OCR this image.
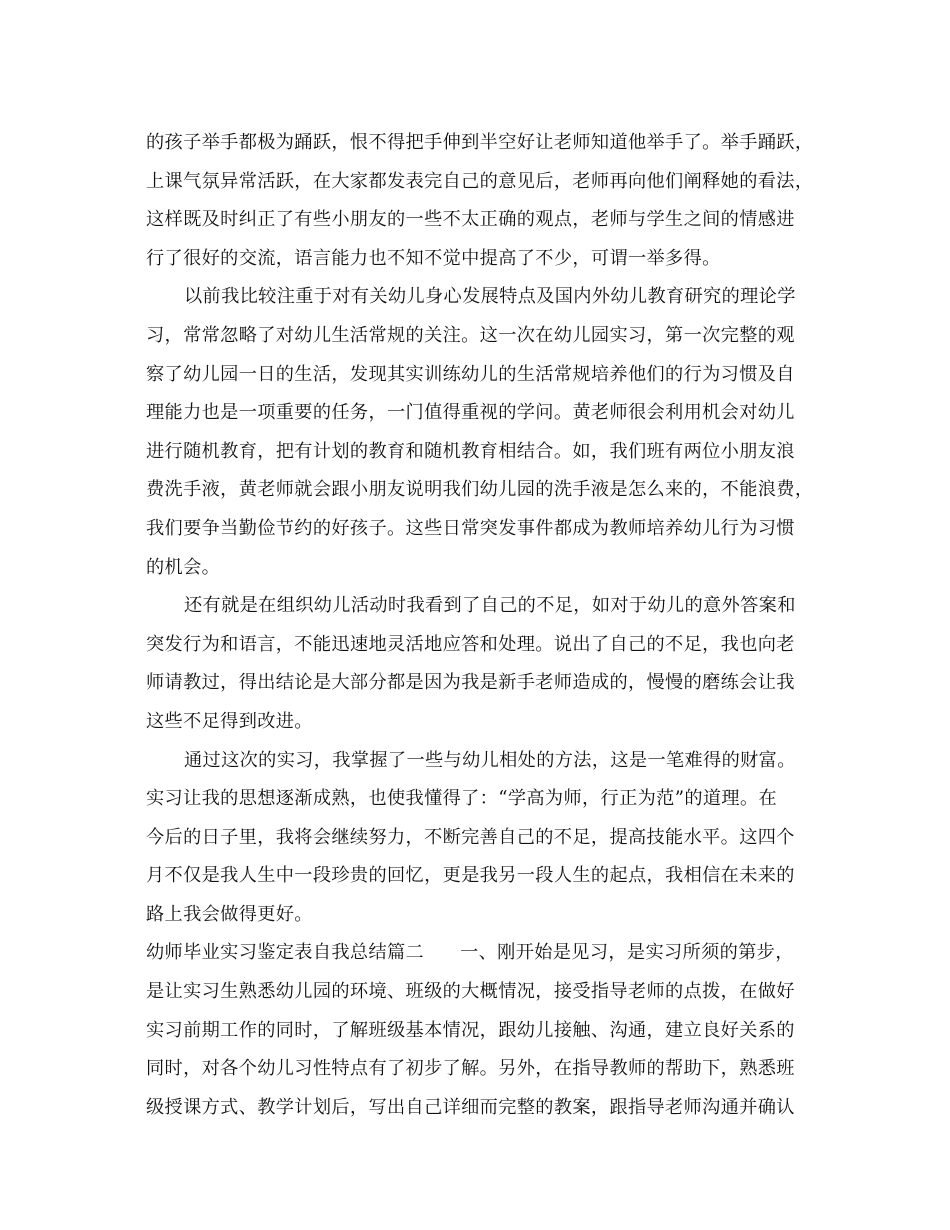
的孩子举手都极为踊跃，恨不得把手伸到半空好让老师知道他举手了。举手踊跃，
上课气氛异常活跃，在大家都发表完自己的意见后，老师再向他们阐释她的看法，
这样既及时纠正了有些小朋友的一些不太正确的观点，老师与学生之间的情感进
行了很好的交流，语言能力也不知不觉中提高了不少，可谓一举多得。
以前我比较注重于对有关幼儿身心发展特点及国内外幼儿教育研究的理论学
习，常常忽略了对幼儿生活常规的关注。这一次在幼儿园实习，第一次完整的观
察了幼儿园一日的生活，发现其实训练幼儿的生活常规培养他们的行为习惯及自
理能力也是一项重要的任务，一门值得重视的学问。黄老师很会利用机会对幼儿
进行随机教育，把有计划的教育和随机教育相结合。如，我们班有两位小朋友浪
费洗手液，黄老师就会跟小朋友说明我们幼儿园的洗手液是怎么来的，不能浪费，
我们要争当勤俭节约的好孩子。这些日常突发事件都成为教师培养幼儿行为习惯
的机会。
还有就是在组织幼儿活动时我看到了自己的不足，如对于幼儿的意外答案和
突发行为和语言，不能迅速地灵活地应答和处理。说出了自己的不足，我也向老
师请教过，得出结论是大部分都是因为我是新手老师造成的，慢慢的磨练会让我
这些不足得到改进。
通过这次的实习，我掌握了一些与幼儿相处的方法，这是一笔难得的财富。
实习让我的思想逐渐成熟，也使我懂得了：“学高为师，行正为范”的道理。在
今后的日子里，我将会继续努力，不断完善自己的不足，提高技能水平。这四个
月不仅是我人生中一段珍贵的回忆，更是我另一段人生的起点，我相信在未来的
路上我会做得更好。
幼师毕业实习鉴定表自我总结篇二 一、刚开始是见习，是实习所须的第步，
是让实习生熟悉幼儿园的环境、班级的大概情况，接受指导老师的点拨，在做好
实习前期工作的同时，了解班级基本情况，跟幼儿接触、沟通，建立良好关系的
同时，对各个幼儿习性特点有了初步了解。另外，在指导教师的帮助下，熟悉班
级授课方式、教学计划后，写出自己详细而完整的教案，跟指导老师沟通并确认
